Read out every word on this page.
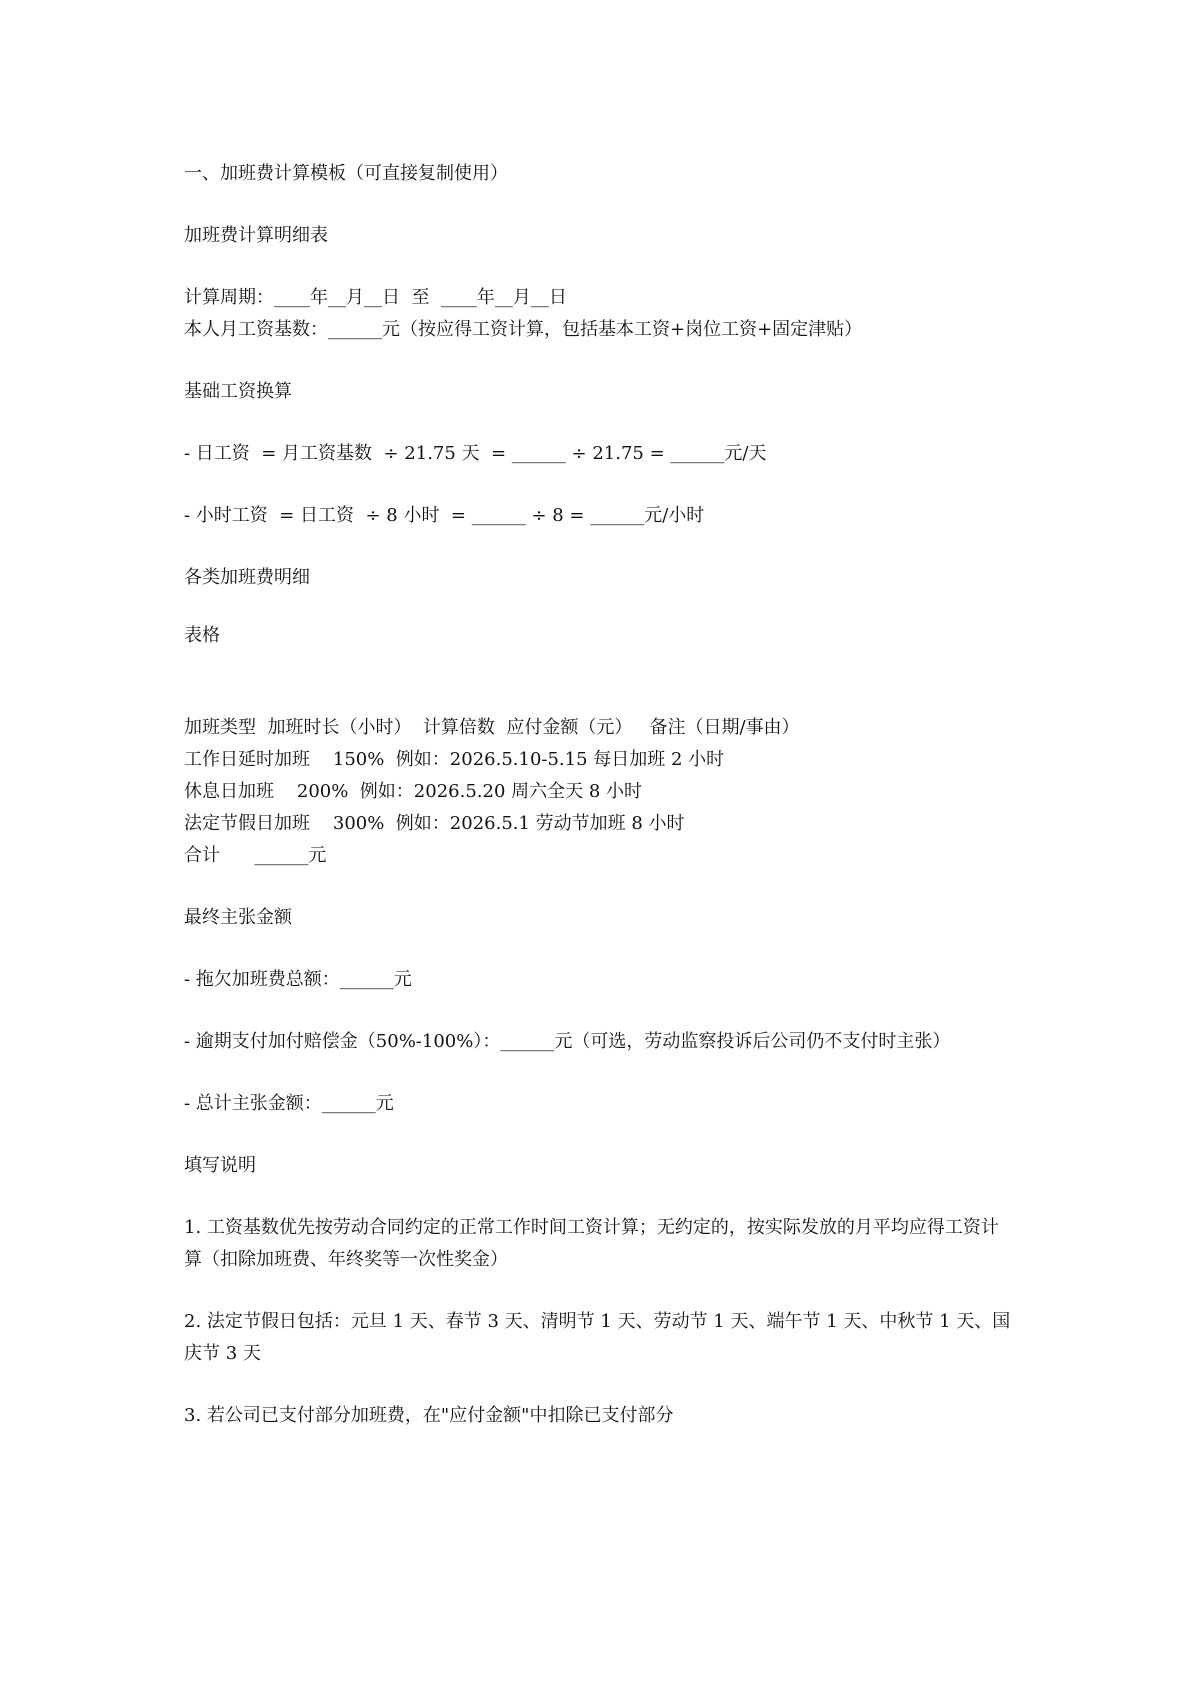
一、加班费计算模板（可直接复制使用）

加班费计算明细表

计算周期：____年__月__日  至  ____年__月__日

本人月工资基数：______元（按应得工资计算，包括基本工资+岗位工资+固定津贴）

基础工资换算

- 日工资  = 月工资基数  ÷ 21.75 天  = ______ ÷ 21.75 = ______元/天

- 小时工资  = 日工资  ÷ 8 小时  = ______ ÷ 8 = ______元/小时

各类加班费明细

表格

加班类型  加班时长（小时）  计算倍数  应付金额（元）   备注（日期/事由）
工作日延时加班    150%  例如：2026.5.10-5.15 每日加班 2 小时
休息日加班    200%  例如：2026.5.20 周六全天 8 小时
法定节假日加班    300%  例如：2026.5.1 劳动节加班 8 小时
合计      ______元

最终主张金额

- 拖欠加班费总额：______元

- 逾期支付加付赔偿金（50%-100%）：______元（可选，劳动监察投诉后公司仍不支付时主张）

- 总计主张金额：______元

填写说明

1. 工资基数优先按劳动合同约定的正常工作时间工资计算；无约定的，按实际发放的月平均应得工资计算（扣除加班费、年终奖等一次性奖金）

2. 法定节假日包括：元旦 1 天、春节 3 天、清明节 1 天、劳动节 1 天、端午节 1 天、中秋节 1 天、国庆节 3 天

3. 若公司已支付部分加班费，在"应付金额"中扣除已支付部分
